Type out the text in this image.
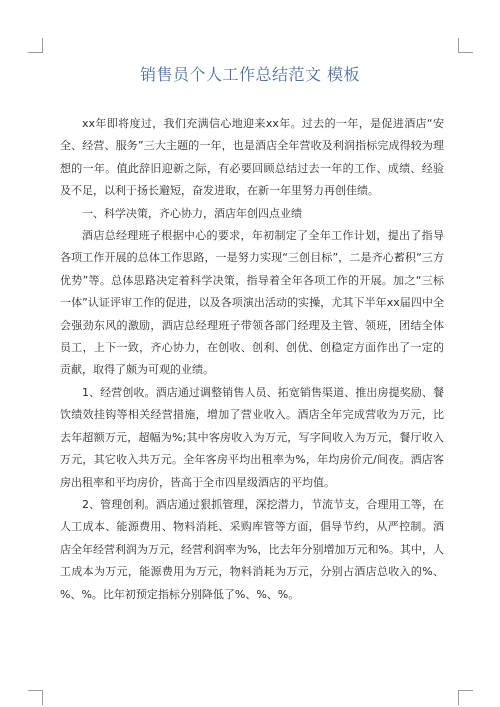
销售员个人工作总结范文 模板

xx年即将度过，我们充满信心地迎来xx年。过去的一年，是促进酒店“安全、经营、服务”三大主题的一年，也是酒店全年营收及利润指标完成得较为理想的一年。值此辞旧迎新之际，有必要回顾总结过去一年的工作、成绩、经验及不足，以利于扬长避短，奋发进取，在新一年里努力再创佳绩。

一、科学决策，齐心协力，酒店年创四点业绩

酒店总经理班子根据中心的要求，年初制定了全年工作计划，提出了指导各项工作开展的总体工作思路，一是努力实现“三创目标”，二是齐心蓄积“三方优势”等。总体思路决定着科学决策，指导着全年各项工作的开展。加之“三标一体”认证评审工作的促进，以及各项演出活动的实操，尤其下半年xx届四中全会强劲东风的激励，酒店总经理班子带领各部门经理及主管、领班，团结全体员工，上下一致，齐心协力，在创收、创利、创优、创稳定方面作出了一定的贡献，取得了颇为可观的业绩。

1、经营创收。酒店通过调整销售人员、拓宽销售渠道、推出房提奖励、餐饮绩效挂钩等相关经营措施，增加了营业收入。酒店全年完成营收为万元，比去年超额万元，超幅为%;其中客房收入为万元，写字间收入为万元，餐厅收入万元，其它收入共万元。全年客房平均出租率为%，年均房价元/间夜。酒店客房出租率和平均房价，皆高于全市四星级酒店的平均值。

2、管理创利。酒店通过狠抓管理，深挖潜力，节流节支，合理用工等，在人工成本、能源费用、物料消耗、采购库管等方面，倡导节约，从严控制。酒店全年经营利润为万元，经营利润率为%，比去年分别增加万元和%。其中，人工成本为万元，能源费用为万元，物料消耗为万元，分别占酒店总收入的%、%、%。比年初预定指标分别降低了%、%、%。
